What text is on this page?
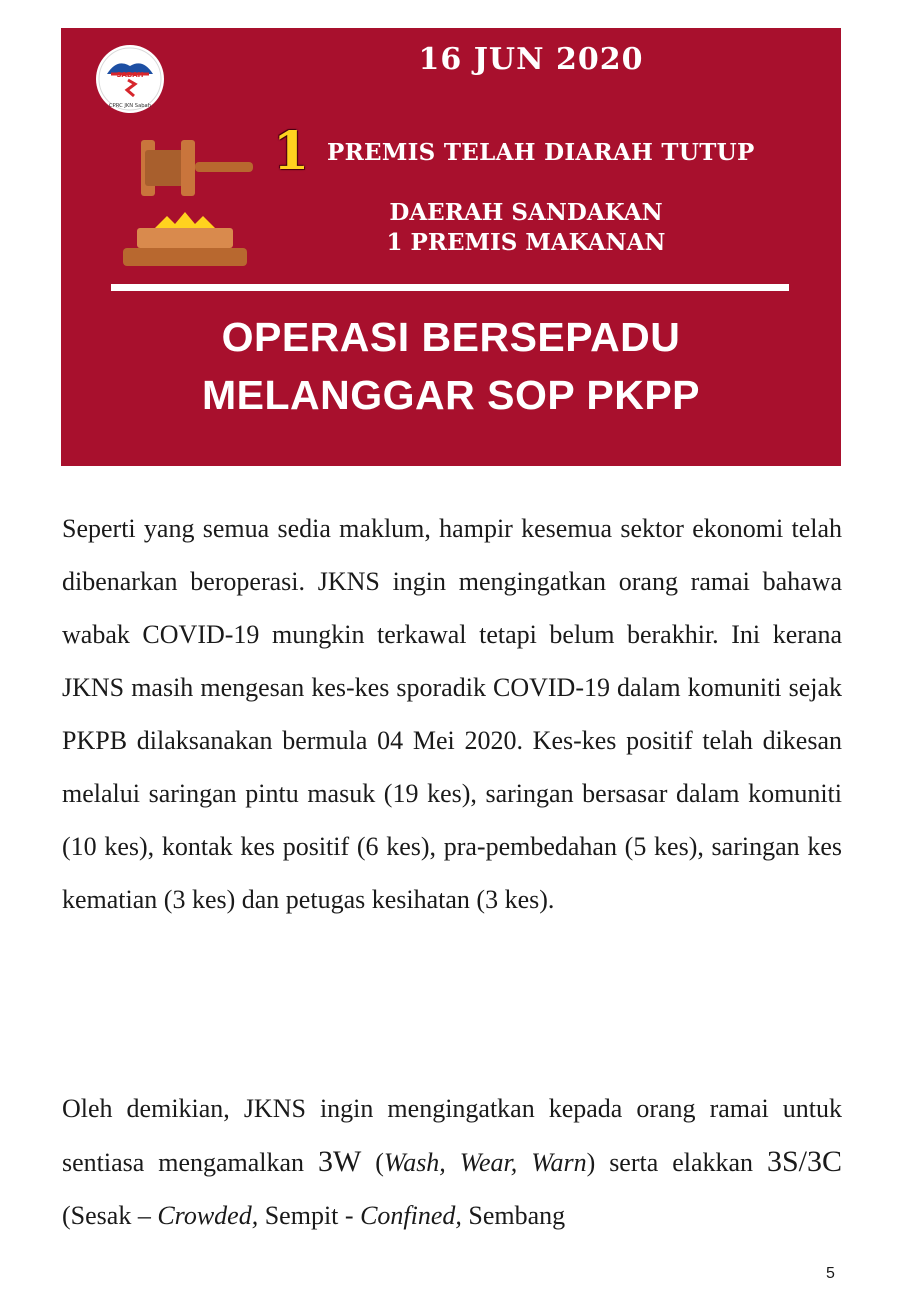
SABAH
CPRC JKN Sabah
16 JUN 2020
1 PREMIS TELAH DIARAH TUTUP
DAERAH SANDAKAN
1 PREMIS MAKANAN
OPERASI BERSEPADU
MELANGGAR SOP PKPP

Seperti yang semua sedia maklum, hampir kesemua sektor ekonomi telah dibenarkan beroperasi. JKNS ingin mengingatkan orang ramai bahawa wabak COVID-19 mungkin terkawal tetapi belum berakhir. Ini kerana JKNS masih mengesan kes-kes sporadik COVID-19 dalam komuniti sejak PKPB dilaksanakan bermula 04 Mei 2020. Kes-kes positif telah dikesan melalui saringan pintu masuk (19 kes), saringan bersasar dalam komuniti (10 kes), kontak kes positif (6 kes), pra-pembedahan (5 kes), saringan kes kematian (3 kes) dan petugas kesihatan (3 kes).

Oleh demikian, JKNS ingin mengingatkan kepada orang ramai untuk sentiasa mengamalkan 3W (Wash, Wear, Warn) serta elakkan 3S/3C (Sesak – Crowded, Sempit - Confined, Sembang

5
